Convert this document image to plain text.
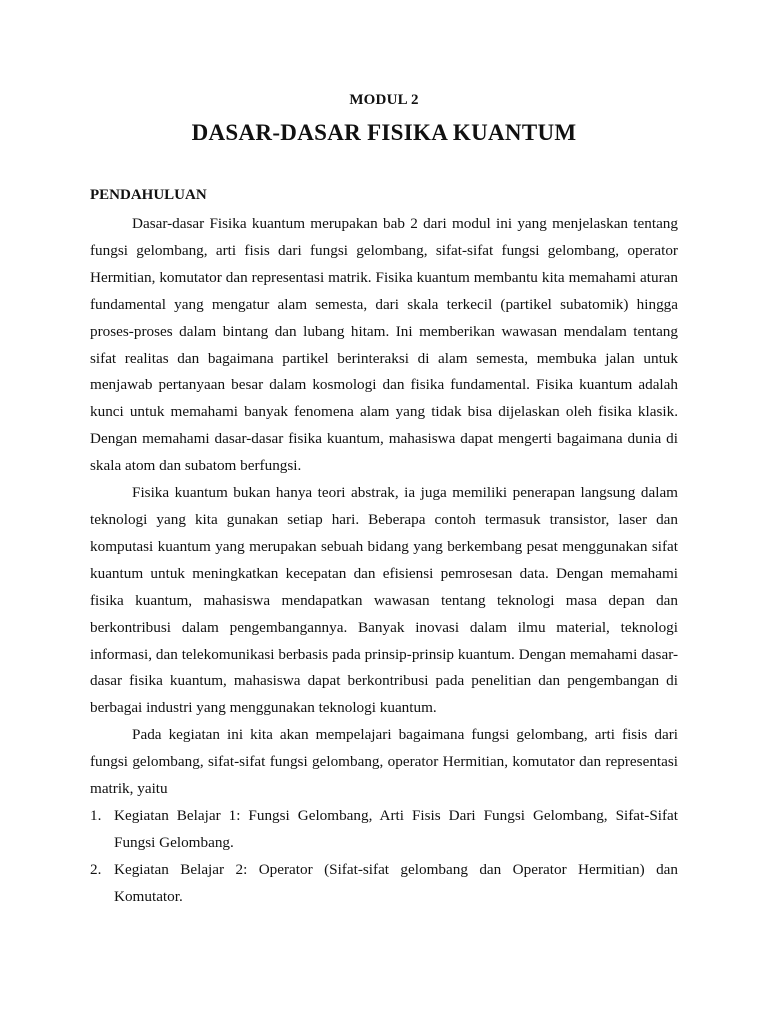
MODUL 2
DASAR-DASAR FISIKA KUANTUM
PENDAHULUAN

Dasar-dasar Fisika kuantum merupakan bab 2 dari modul ini yang menjelaskan tentang fungsi gelombang, arti fisis dari fungsi gelombang, sifat-sifat fungsi gelombang, operator Hermitian, komutator dan representasi matrik. Fisika kuantum membantu kita memahami aturan fundamental yang mengatur alam semesta, dari skala terkecil (partikel subatomik) hingga proses-proses dalam bintang dan lubang hitam. Ini memberikan wawasan mendalam tentang sifat realitas dan bagaimana partikel berinteraksi di alam semesta, membuka jalan untuk menjawab pertanyaan besar dalam kosmologi dan fisika fundamental. Fisika kuantum adalah kunci untuk memahami banyak fenomena alam yang tidak bisa dijelaskan oleh fisika klasik. Dengan memahami dasar-dasar fisika kuantum, mahasiswa dapat mengerti bagaimana dunia di skala atom dan subatom berfungsi.

Fisika kuantum bukan hanya teori abstrak, ia juga memiliki penerapan langsung dalam teknologi yang kita gunakan setiap hari. Beberapa contoh termasuk transistor, laser dan komputasi kuantum yang merupakan sebuah bidang yang berkembang pesat menggunakan sifat kuantum untuk meningkatkan kecepatan dan efisiensi pemrosesan data. Dengan memahami fisika kuantum, mahasiswa mendapatkan wawasan tentang teknologi masa depan dan berkontribusi dalam pengembangannya. Banyak inovasi dalam ilmu material, teknologi informasi, dan telekomunikasi berbasis pada prinsip-prinsip kuantum. Dengan memahami dasar-dasar fisika kuantum, mahasiswa dapat berkontribusi pada penelitian dan pengembangan di berbagai industri yang menggunakan teknologi kuantum.

Pada kegiatan ini kita akan mempelajari bagaimana fungsi gelombang, arti fisis dari fungsi gelombang, sifat-sifat fungsi gelombang, operator Hermitian, komutator dan representasi matrik, yaitu

1. Kegiatan Belajar 1: Fungsi Gelombang, Arti Fisis Dari Fungsi Gelombang, Sifat-Sifat Fungsi Gelombang.
2. Kegiatan Belajar 2: Operator (Sifat-sifat gelombang dan Operator Hermitian) dan Komutator.
